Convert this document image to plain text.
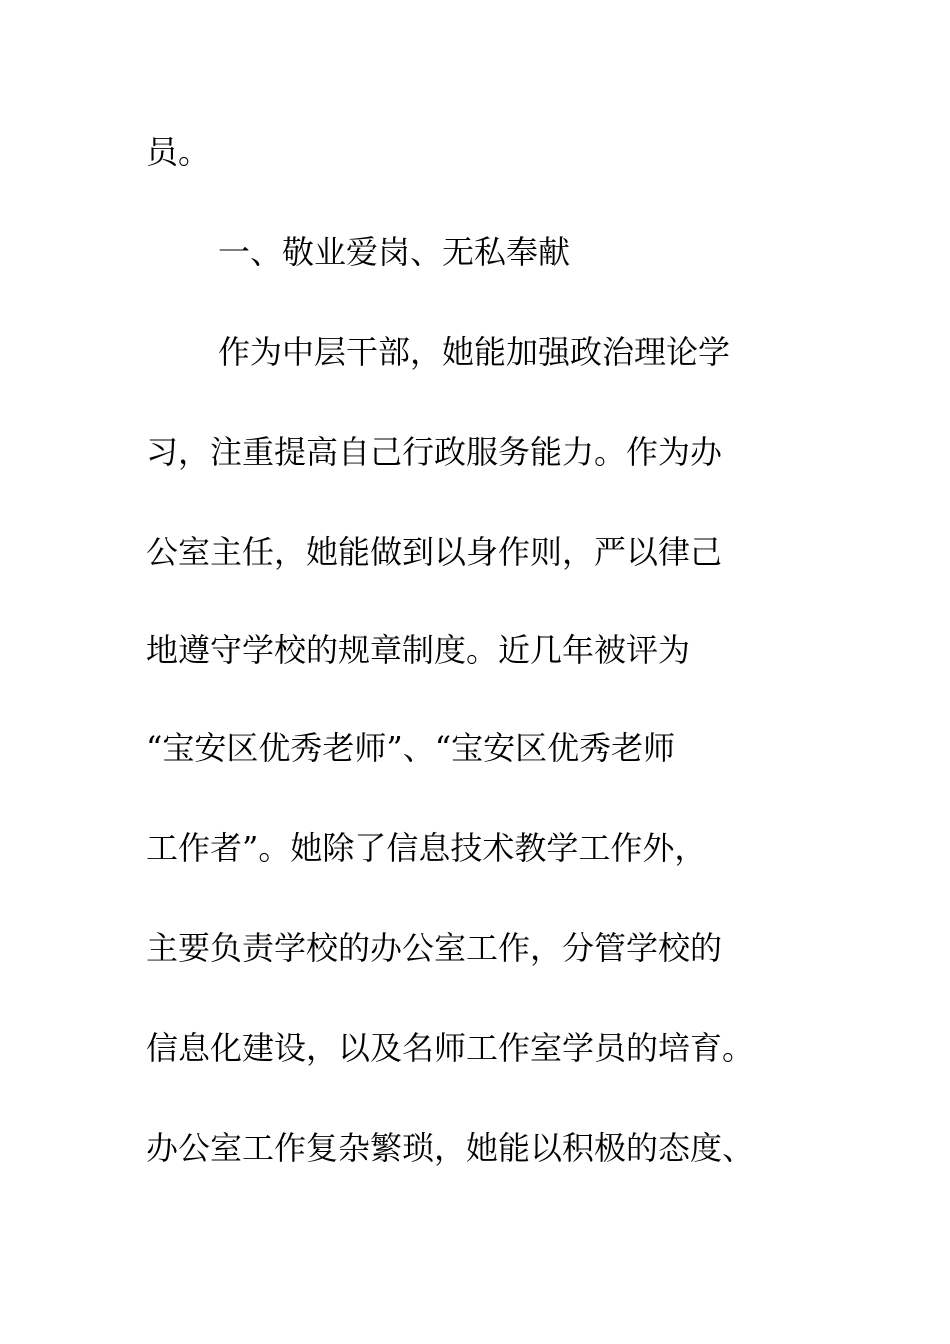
员。
一、敬业爱岗、无私奉献
作为中层干部，她能加强政治理论学
习，注重提高自己行政服务能力。作为办
公室主任，她能做到以身作则，严以律己
地遵守学校的规章制度。近几年被评为
“宝安区优秀老师”、“宝安区优秀老师
工作者”。她除了信息技术教学工作外，
主要负责学校的办公室工作，分管学校的
信息化建设，以及名师工作室学员的培育。
办公室工作复杂繁琐，她能以积极的态度、
